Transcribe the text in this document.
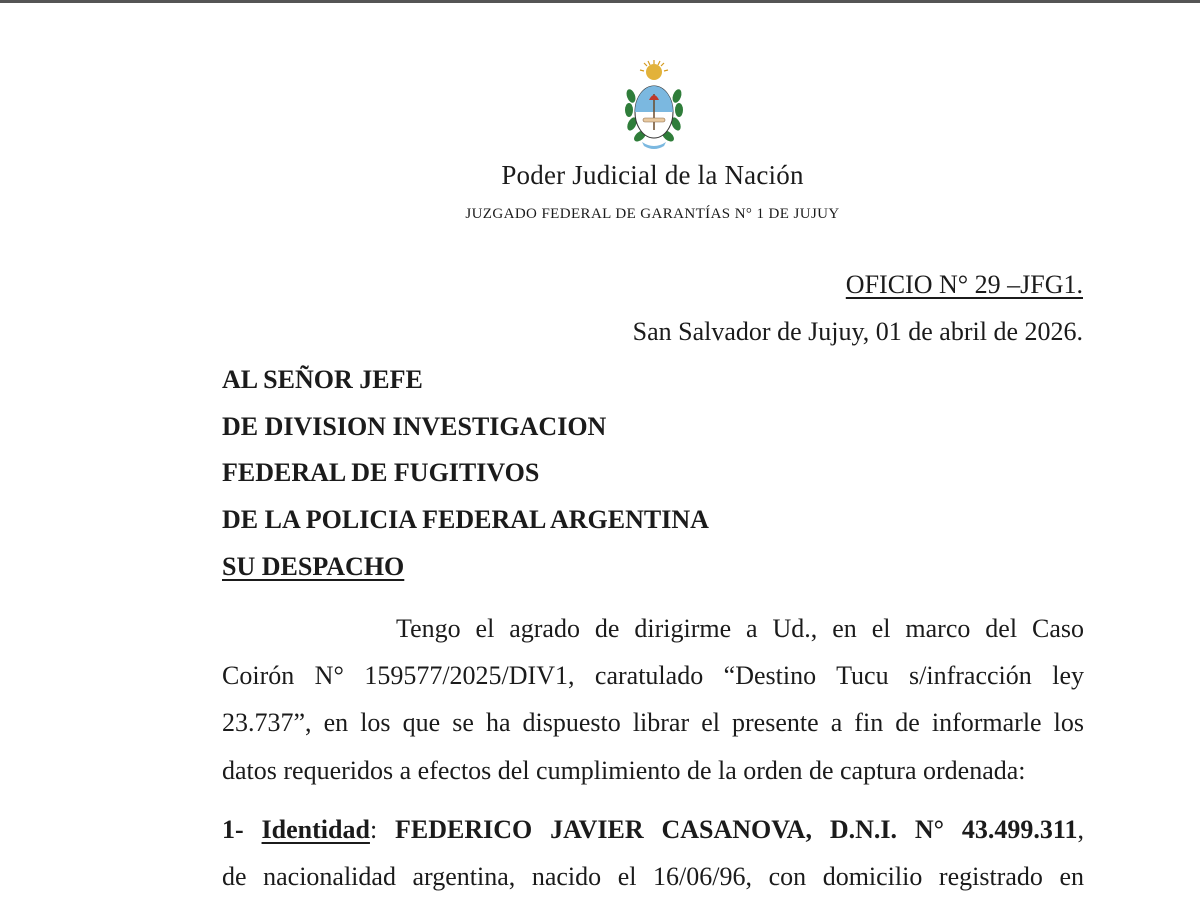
Poder Judicial de la Nación
JUZGADO FEDERAL DE GARANTÍAS N° 1 DE JUJUY
OFICIO N° 29 –JFG1.
San Salvador de Jujuy, 01 de abril de 2026.
AL SEÑOR JEFE
DE DIVISION INVESTIGACION
FEDERAL DE FUGITIVOS
DE LA POLICIA FEDERAL ARGENTINA
SU DESPACHO
Tengo el agrado de dirigirme a Ud., en el marco del Caso
Coirón N° 159577/2025/DIV1, caratulado “Destino Tucu s/infracción ley
23.737”, en los que se ha dispuesto librar el presente a fin de informarle los
datos requeridos a efectos del cumplimiento de la orden de captura ordenada:
1- Identidad: FEDERICO JAVIER CASANOVA, D.N.I. N° 43.499.311,
de nacionalidad argentina, nacido el 16/06/96, con domicilio registrado en
